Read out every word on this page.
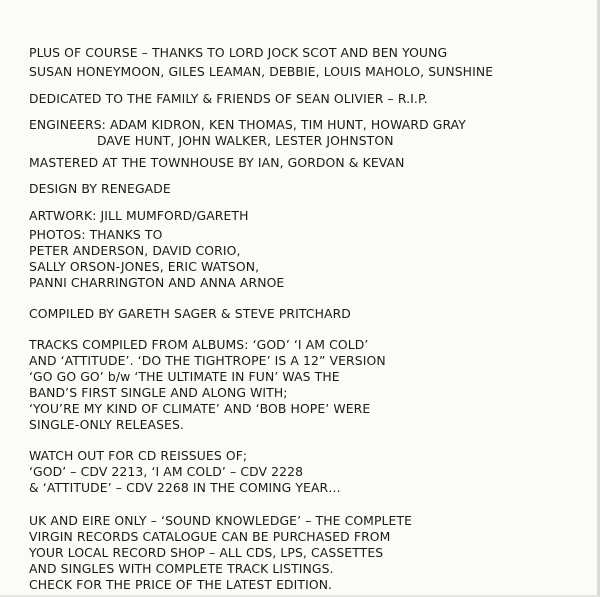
PLUS OF COURSE – THANKS TO LORD JOCK SCOT AND BEN YOUNG
SUSAN HONEYMOON, GILES LEAMAN, DEBBIE, LOUIS MAHOLO, SUNSHINE
DEDICATED TO THE FAMILY & FRIENDS OF SEAN OLIVIER – R.I.P.
ENGINEERS: ADAM KIDRON, KEN THOMAS, TIM HUNT, HOWARD GRAY
DAVE HUNT, JOHN WALKER, LESTER JOHNSTON
MASTERED AT THE TOWNHOUSE BY IAN, GORDON & KEVAN
DESIGN BY RENEGADE
ARTWORK: JILL MUMFORD/GARETH
PHOTOS: THANKS TO
PETER ANDERSON, DAVID CORIO,
SALLY ORSON-JONES, ERIC WATSON,
PANNI CHARRINGTON AND ANNA ARNOE
COMPILED BY GARETH SAGER & STEVE PRITCHARD
TRACKS COMPILED FROM ALBUMS: ‘GOD’ ‘I AM COLD’
AND ‘ATTITUDE’. ‘DO THE TIGHTROPE’ IS A 12” VERSION
‘GO GO GO’ b/w ‘THE ULTIMATE IN FUN’ WAS THE
BAND’S FIRST SINGLE AND ALONG WITH;
‘YOU’RE MY KIND OF CLIMATE’ AND ‘BOB HOPE’ WERE
SINGLE-ONLY RELEASES.
WATCH OUT FOR CD REISSUES OF;
‘GOD’ – CDV 2213, ‘I AM COLD’ – CDV 2228
& ‘ATTITUDE’ – CDV 2268 IN THE COMING YEAR…
UK AND EIRE ONLY – ‘SOUND KNOWLEDGE’ – THE COMPLETE
VIRGIN RECORDS CATALOGUE CAN BE PURCHASED FROM
YOUR LOCAL RECORD SHOP – ALL CDS, LPS, CASSETTES
AND SINGLES WITH COMPLETE TRACK LISTINGS.
CHECK FOR THE PRICE OF THE LATEST EDITION.
